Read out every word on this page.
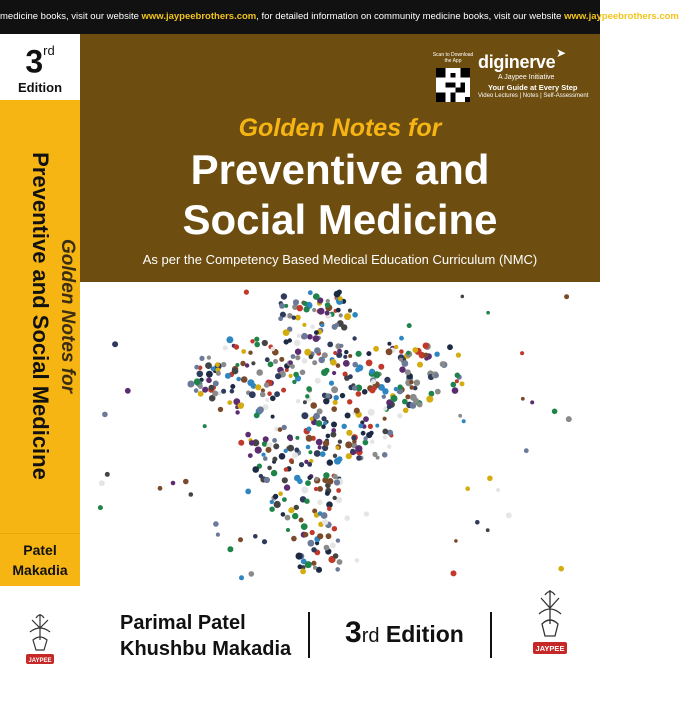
medicine books, visit our website www.jaypeebrothers.com, for detailed information on community medicine books, visit our website www.jaypeebrothers.com
3rd
Edition
Golden Notes for
Preventive and Social Medicine
Patel
Makadia
JAYPEE
Scan to Download the App diginerve ➤
A Jaypee Initiative
Your Guide at Every Step
Video Lectures | Notes | Self-Assessment
Golden Notes for
Preventive and
Social Medicine
As per the Competency Based Medical Education Curriculum (NMC)
Parimal Patel
Khushbu Makadia 3rd Edition
JAYPEE
